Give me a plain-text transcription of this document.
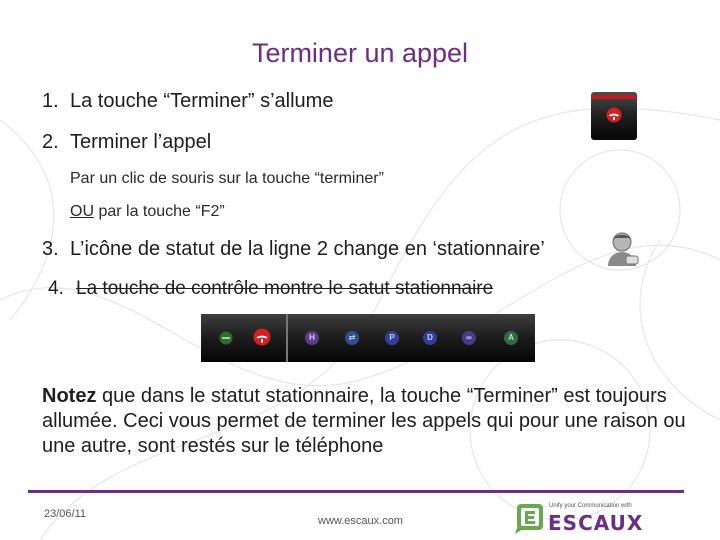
Terminer un appel
1. La touche “Terminer” s’allume
2. Terminer l’appel
Par un clic de souris sur la touche “terminer”
OU par la touche “F2”
3. L’icône de statut de la ligne 2 change en ‘stationnaire’
4. La touche de contrôle montre le satut stationnaire
H	⇄	P	D	∞	A
Notez que dans le statut stationnaire, la touche “Terminer” est toujours allumée. Ceci vous permet de terminer les appels qui pour une raison ou une autre, sont restés sur le téléphone
23/06/11
www.escaux.com
Unify your Communication with
ESCAUX
